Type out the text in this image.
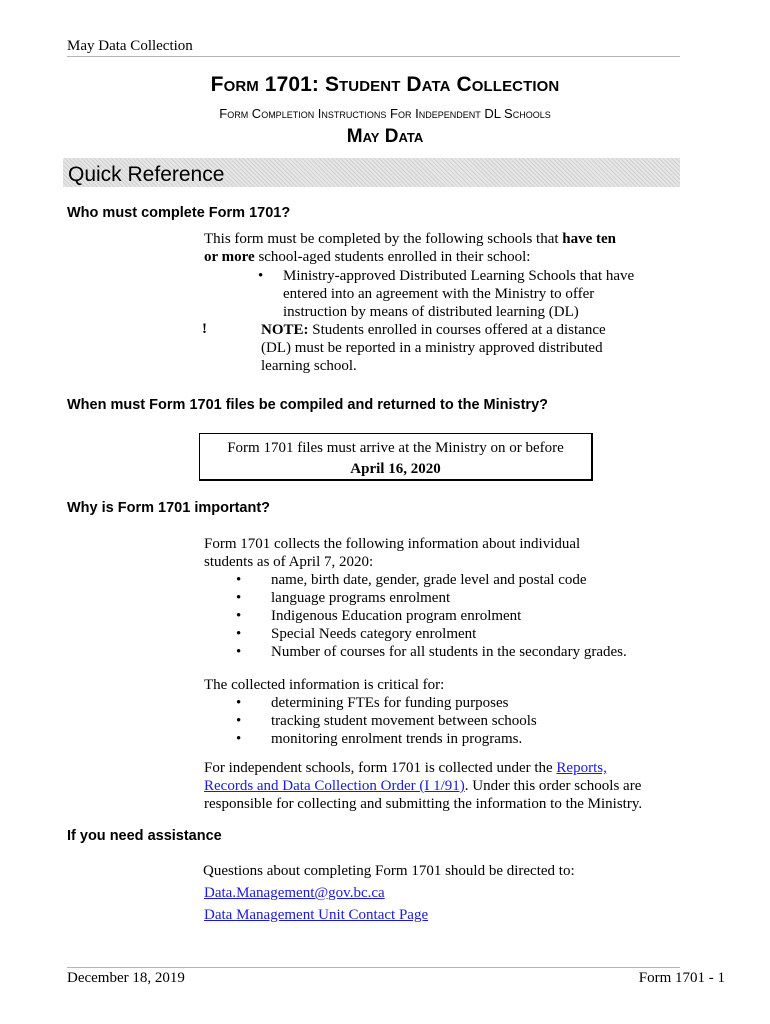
May Data Collection
Form 1701: Student Data Collection
Form Completion Instructions For Independent DL Schools
May Data
Quick Reference
Who must complete Form 1701?
This form must be completed by the following schools that have ten or more school-aged students enrolled in their school:
•	Ministry-approved Distributed Learning Schools that have entered into an agreement with the Ministry to offer instruction by means of distributed learning (DL)
!	NOTE: Students enrolled in courses offered at a distance (DL) must be reported in a ministry approved distributed learning school.
When must Form 1701 files be compiled and returned to the Ministry?
Form 1701 files must arrive at the Ministry on or before
April 16, 2020
Why is Form 1701 important?
Form 1701 collects the following information about individual students as of April 7, 2020:
• name, birth date, gender, grade level and postal code
• language programs enrolment
• Indigenous Education program enrolment
• Special Needs category enrolment
• Number of courses for all students in the secondary grades.
The collected information is critical for:
• determining FTEs for funding purposes
• tracking student movement between schools
• monitoring enrolment trends in programs.
For independent schools, form 1701 is collected under the Reports, Records and Data Collection Order (I 1/91). Under this order schools are responsible for collecting and submitting the information to the Ministry.
If you need assistance
Questions about completing Form 1701 should be directed to:
Data.Management@gov.bc.ca
Data Management Unit Contact Page
December 18, 2019	Form 1701 - 1
